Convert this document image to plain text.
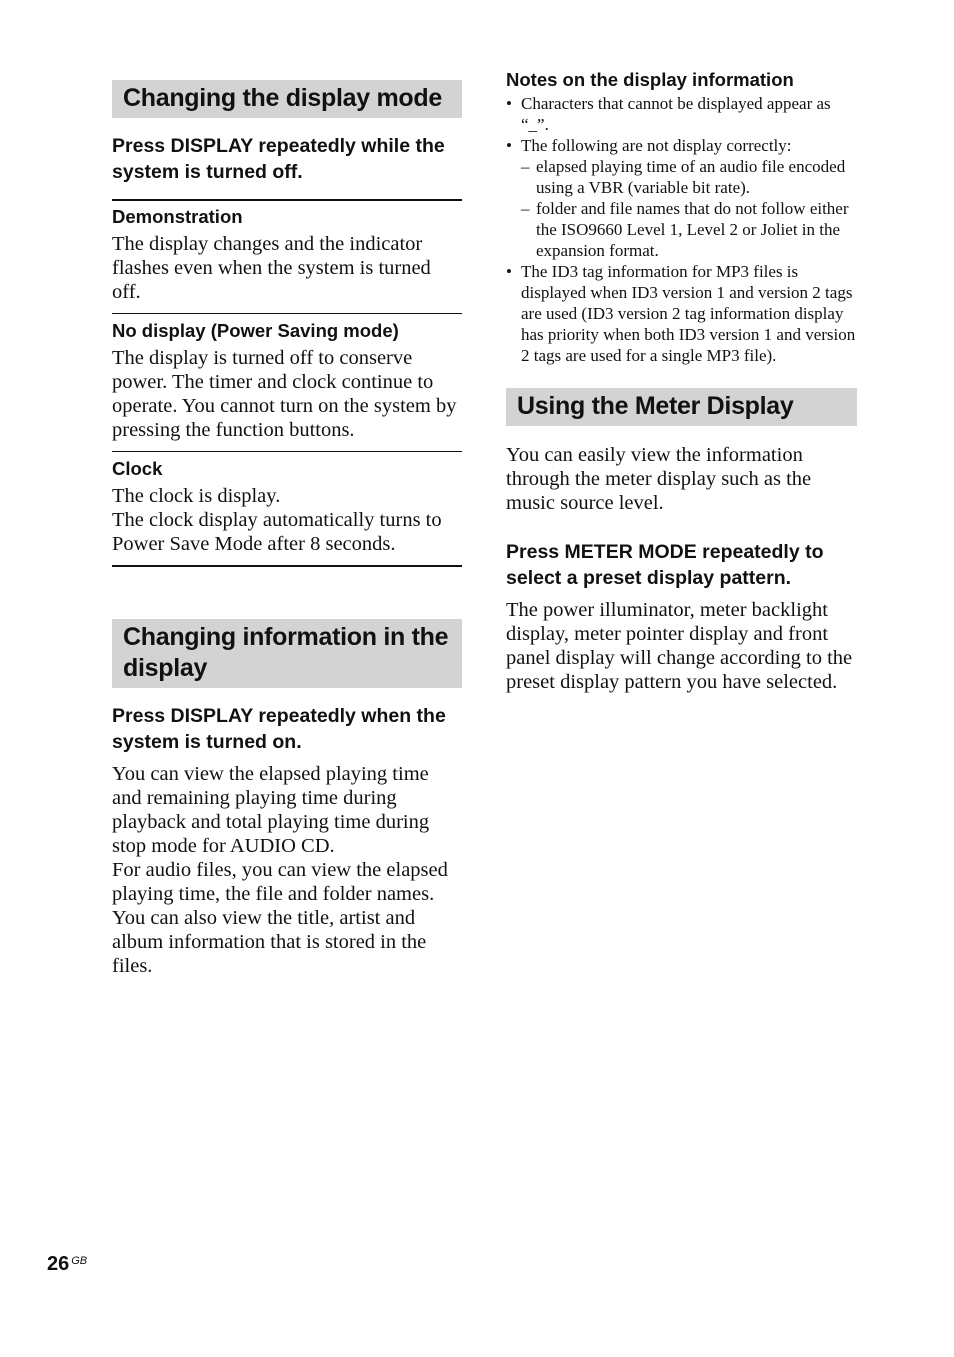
Changing the display mode

Press DISPLAY repeatedly while the system is turned off.

Demonstration

The display changes and the indicator flashes even when the system is turned off.

No display (Power Saving mode)

The display is turned off to conserve power. The timer and clock continue to operate. You cannot turn on the system by pressing the function buttons.

Clock

The clock is display.

The clock display automatically turns to Power Save Mode after 8 seconds.

Changing information in the display

Press DISPLAY repeatedly when the system is turned on.

You can view the elapsed playing time and remaining playing time during playback and total playing time during stop mode for AUDIO CD.

For audio files, you can view the elapsed playing time, the file and folder names.

You can also view the title, artist and album information that is stored in the files.

Notes on the display information

• Characters that cannot be displayed appear as “_”.
• The following are not display correctly:
– elapsed playing time of an audio file encoded using a VBR (variable bit rate).
– folder and file names that do not follow either the ISO9660 Level 1, Level 2 or Joliet in the expansion format.
• The ID3 tag information for MP3 files is displayed when ID3 version 1 and version 2 tags are used (ID3 version 2 tag information display has priority when both ID3 version 1 and version 2 tags are used for a single MP3 file).
Using the Meter Display

You can easily view the information through the meter display such as the music source level.

Press METER MODE repeatedly to select a preset display pattern.

The power illuminator, meter backlight display, meter pointer display and front panel display will change according to the preset display pattern you have selected.

26 $^{GB}$
